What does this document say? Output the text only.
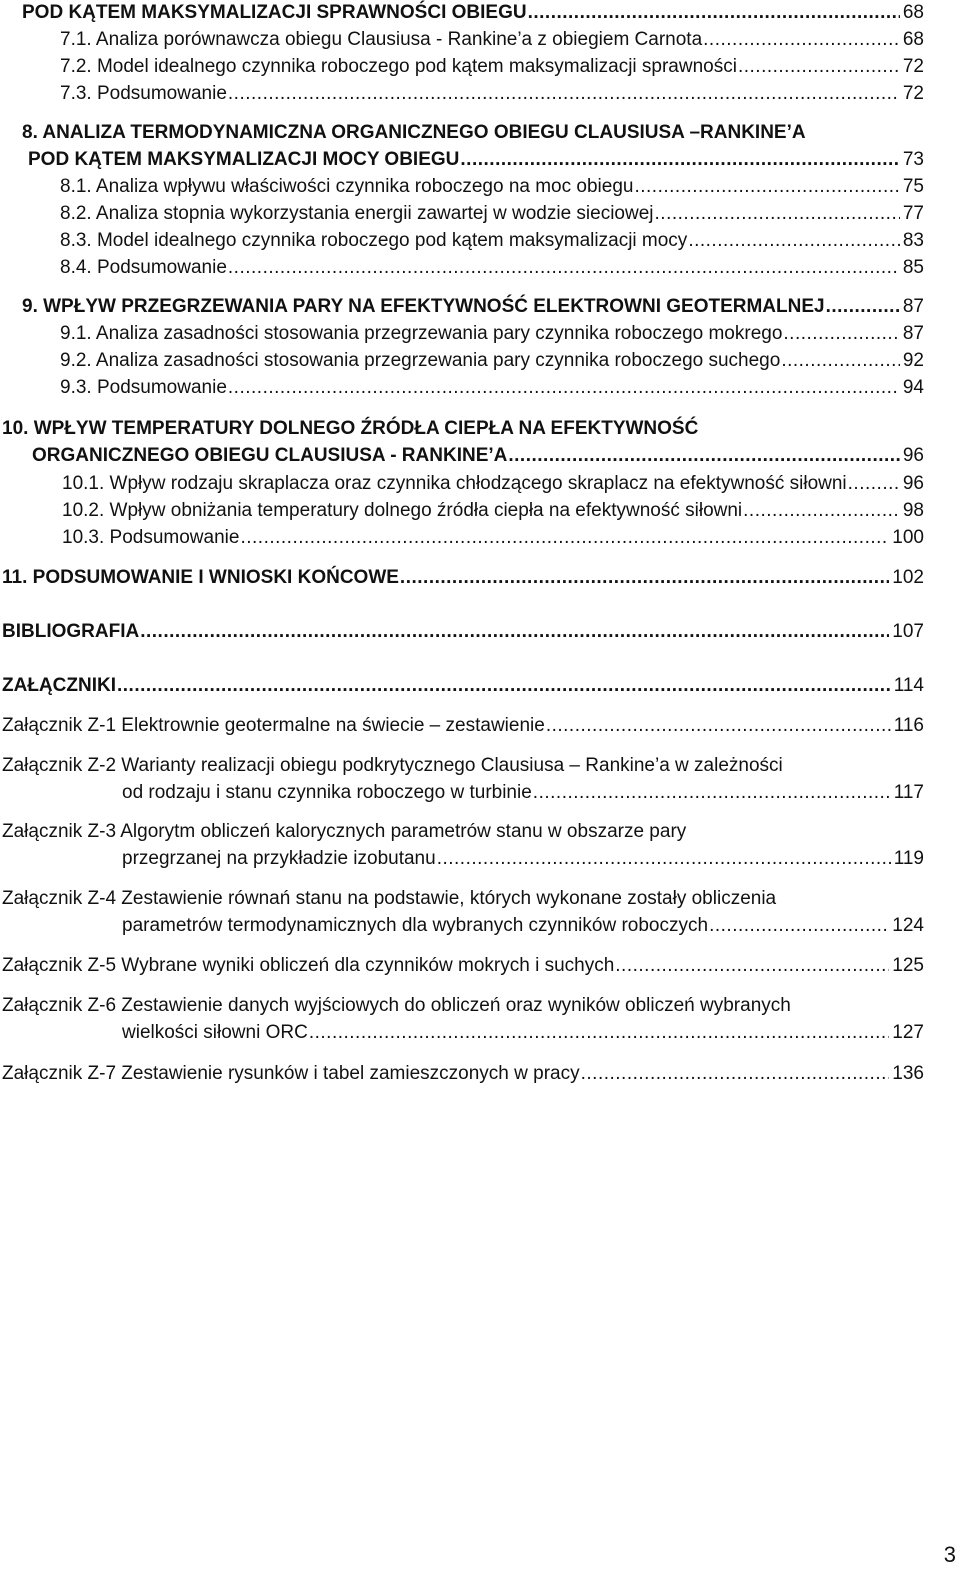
POD KĄTEM MAKSYMALIZACJI SPRAWNOŚCI OBIEGU .....	68
7.1. Analiza porównawcza obiegu Clausiusa - Rankine’a z obiegiem Carnota .....	68
7.2. Model idealnego czynnika roboczego pod kątem maksymalizacji sprawności .....	72
7.3. Podsumowanie .....	72
8. ANALIZA TERMODYNAMICZNA ORGANICZNEGO OBIEGU CLAUSIUSA –RANKINE’A
POD KĄTEM MAKSYMALIZACJI MOCY OBIEGU .....	73
8.1. Analiza wpływu właściwości czynnika roboczego na moc obiegu .....	75
8.2. Analiza stopnia wykorzystania energii zawartej w wodzie sieciowej .....	77
8.3. Model idealnego czynnika roboczego pod kątem maksymalizacji mocy .....	83
8.4. Podsumowanie .....	85
9. WPŁYW PRZEGRZEWANIA PARY NA EFEKTYWNOŚĆ ELEKTROWNI GEOTERMALNEJ .....	87
9.1. Analiza zasadności stosowania przegrzewania pary czynnika roboczego mokrego .....	87
9.2. Analiza zasadności stosowania przegrzewania pary czynnika roboczego suchego .....	92
9.3. Podsumowanie .....	94
10. WPŁYW TEMPERATURY DOLNEGO ŹRÓDŁA CIEPŁA NA EFEKTYWNOŚĆ
ORGANICZNEGO OBIEGU CLAUSIUSA - RANKINE’A .....	96
10.1. Wpływ rodzaju skraplacza oraz czynnika chłodzącego skraplacz na efektywność siłowni .....	96
10.2. Wpływ obniżania temperatury dolnego źródła ciepła na efektywność siłowni .....	98
10.3. Podsumowanie .....	100
11. PODSUMOWANIE I WNIOSKI KOŃCOWE .....	102
BIBLIOGRAFIA .....	107
ZAŁĄCZNIKI .....	114
Załącznik Z-1 Elektrownie geotermalne na świecie – zestawienie .....	116
Załącznik Z-2 Warianty realizacji obiegu podkrytycznego Clausiusa – Rankine’a w zależności
od rodzaju i stanu czynnika roboczego w turbinie .....	117
Załącznik Z-3 Algorytm obliczeń kalorycznych parametrów stanu w obszarze pary
przegrzanej na przykładzie izobutanu .....	119
Załącznik Z-4 Zestawienie równań stanu na podstawie, których wykonane zostały obliczenia
parametrów termodynamicznych dla wybranych czynników roboczych .....	124
Załącznik Z-5 Wybrane wyniki obliczeń dla czynników mokrych i suchych .....	125
Załącznik Z-6 Zestawienie danych wyjściowych do obliczeń oraz wyników obliczeń wybranych
wielkości siłowni ORC .....	127
Załącznik Z-7 Zestawienie rysunków i tabel zamieszczonych w pracy .....	136
3
